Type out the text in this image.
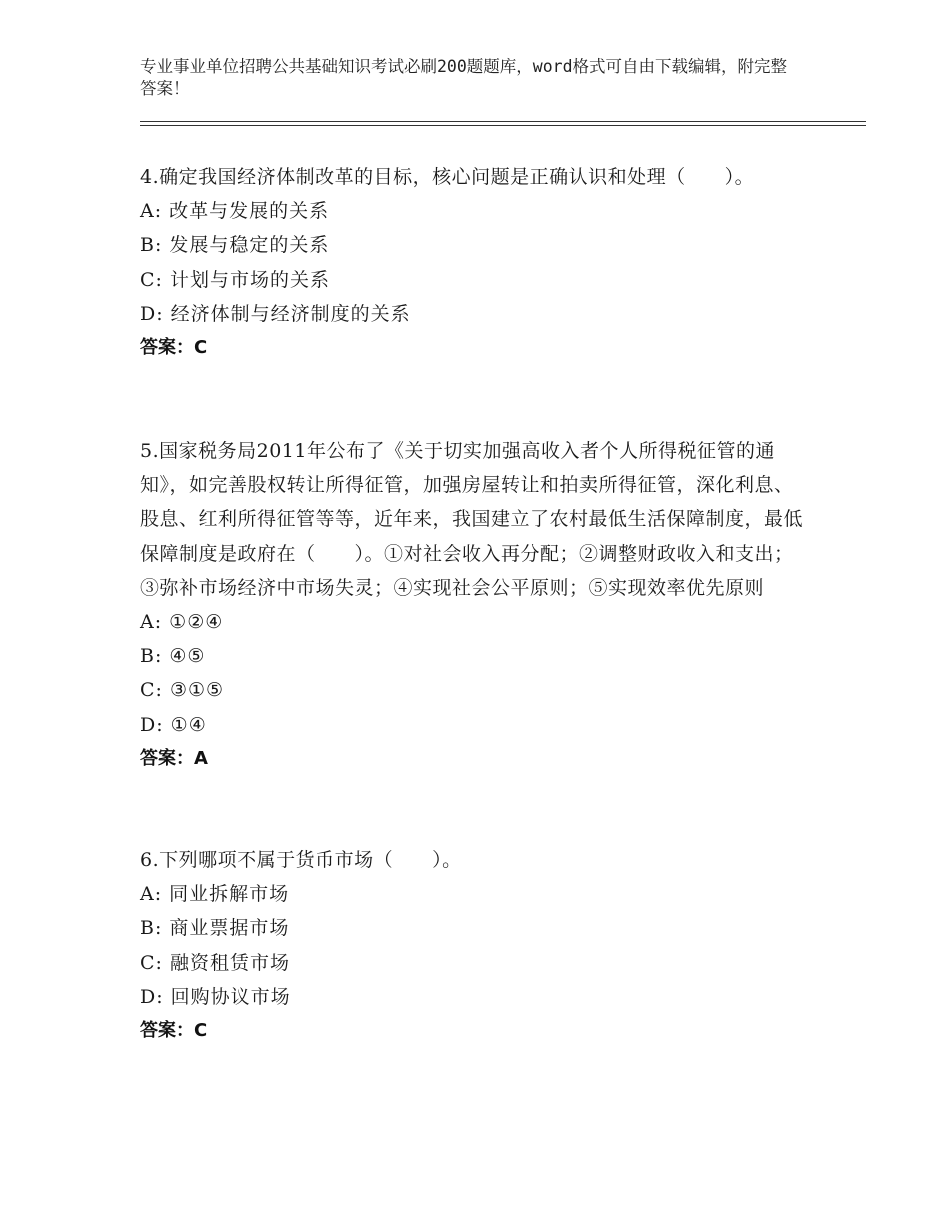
专业事业单位招聘公共基础知识考试必刷200题题库，word格式可自由下载编辑，附完整答案！
4.确定我国经济体制改革的目标，核心问题是正确认识和处理（　　）。
A: 改革与发展的关系
B: 发展与稳定的关系
C: 计划与市场的关系
D: 经济体制与经济制度的关系
答案：C
5.国家税务局2011年公布了《关于切实加强高收入者个人所得税征管的通知》，如完善股权转让所得征管，加强房屋转让和拍卖所得征管，深化利息、股息、红利所得征管等等，近年来，我国建立了农村最低生活保障制度，最低保障制度是政府在（　　）。①对社会收入再分配；②调整财政收入和支出；③弥补市场经济中市场失灵；④实现社会公平原则；⑤实现效率优先原则
A: ①②④
B: ④⑤
C: ③①⑤
D: ①④
答案：A
6.下列哪项不属于货币市场（　　）。
A: 同业拆解市场
B: 商业票据市场
C: 融资租赁市场
D: 回购协议市场
答案：C
